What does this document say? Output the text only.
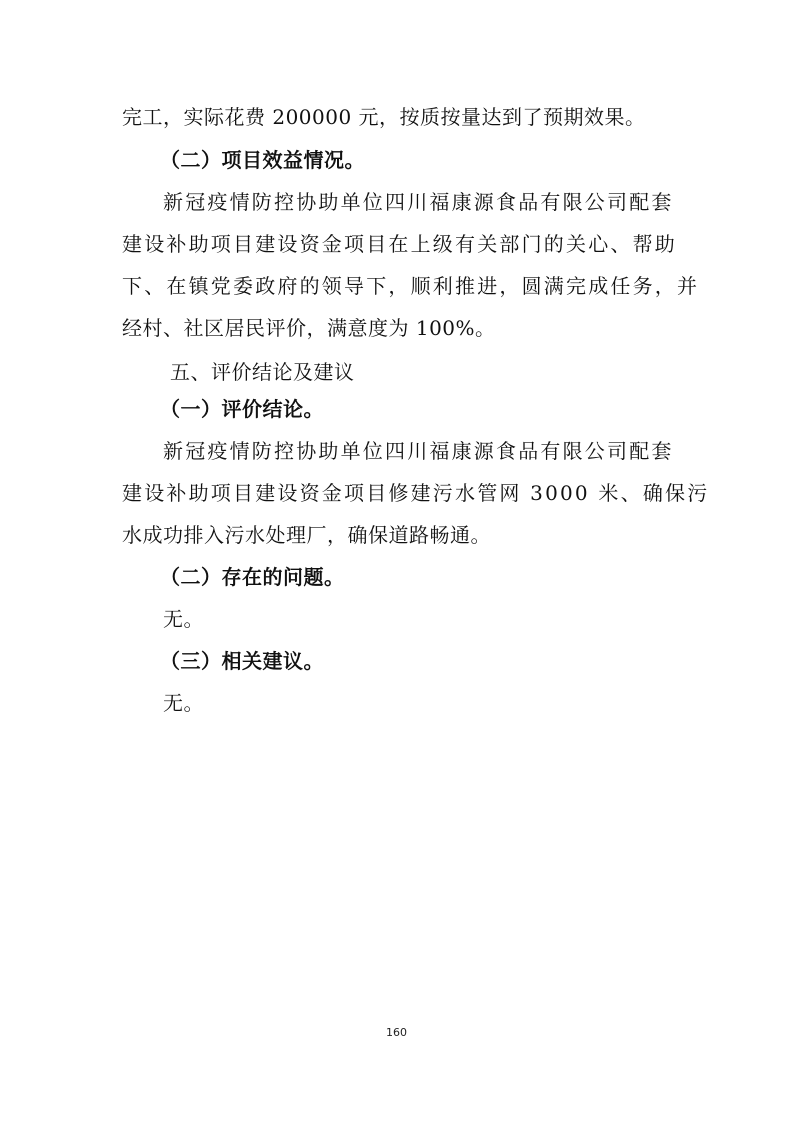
完工，实际花费 200000 元，按质按量达到了预期效果。
（二）项目效益情况。
新冠疫情防控协助单位四川福康源食品有限公司配套
建设补助项目建设资金项目在上级有关部门的关心、帮助
下、在镇党委政府的领导下，顺利推进，圆满完成任务，并
经村、社区居民评价，满意度为 100%。
五、评价结论及建议
（一）评价结论。
新冠疫情防控协助单位四川福康源食品有限公司配套
建设补助项目建设资金项目修建污水管网 3000 米、确保污
水成功排入污水处理厂，确保道路畅通。
（二）存在的问题。
无。
（三）相关建议。
无。
160
